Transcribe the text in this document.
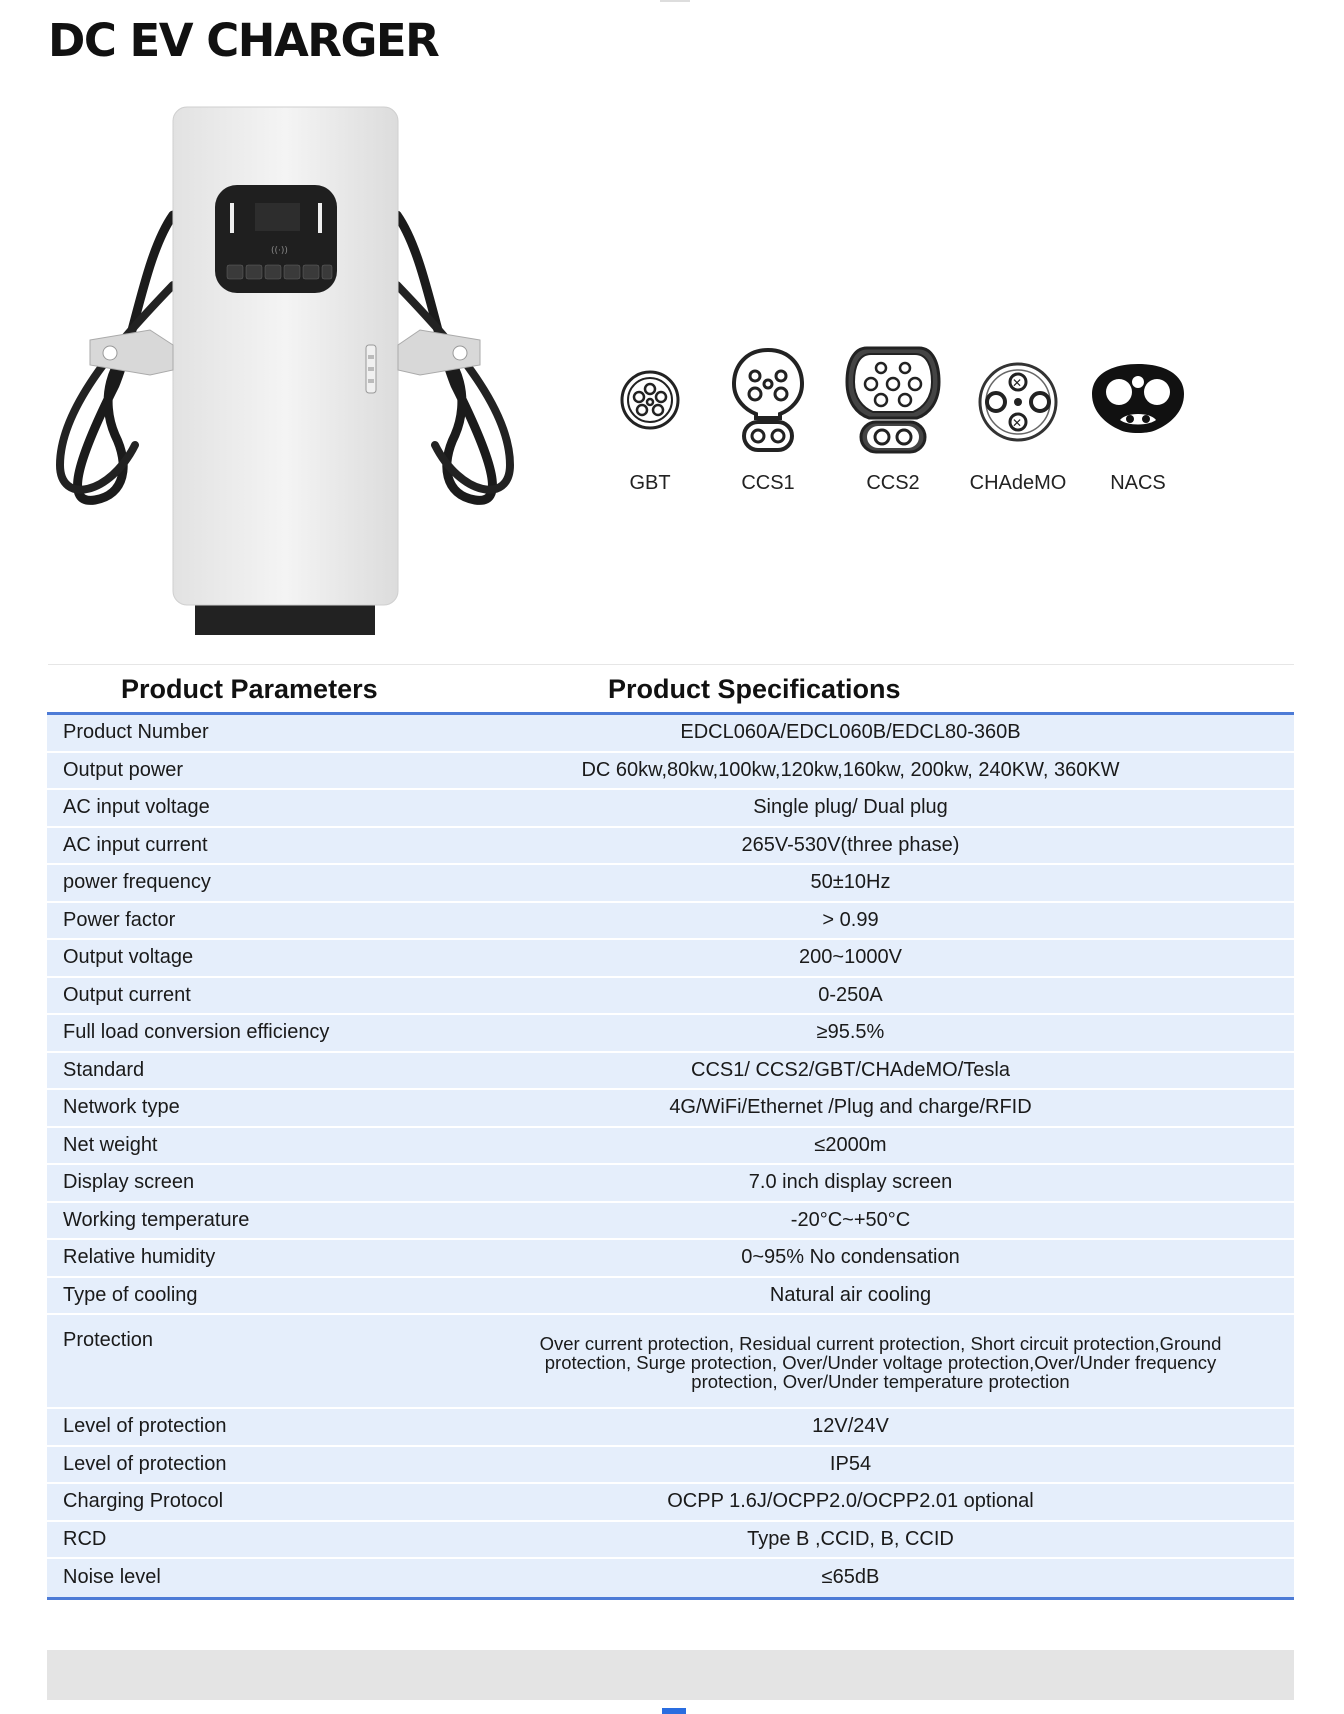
DC EV CHARGER
((·))
GBT	CCS1	CCS2
✕
✕
CHAdeMO	NACS
Product Parameters	Product Specifications
Product Number	EDCL060A/EDCL060B/EDCL80-360B
Output power	DC 60kw,80kw,100kw,120kw,160kw, 200kw, 240KW, 360KW
AC input voltage	Single plug/ Dual plug
AC input current	265V-530V(three phase)
power frequency	50±10Hz
Power factor	> 0.99
Output voltage	200~1000V
Output current	0-250A
Full load conversion efficiency	≥95.5%
Standard	CCS1/ CCS2/GBT/CHAdeMO/Tesla
Network type	4G/WiFi/Ethernet /Plug and charge/RFID
Net weight	≤2000m
Display screen	7.0 inch display screen
Working temperature	-20°C~+50°C
Relative humidity	0~95% No condensation
Type of cooling	Natural air cooling
Protection	Over current protection, Residual current protection, Short circuit protection,Ground protection, Surge protection, Over/Under voltage protection,Over/Under frequency protection, Over/Under temperature protection
Level of protection	12V/24V
Level of protection	IP54
Charging Protocol	OCPP 1.6J/OCPP2.0/OCPP2.01 optional
RCD	Type B ,CCID, B, CCID
Noise level	≤65dB
